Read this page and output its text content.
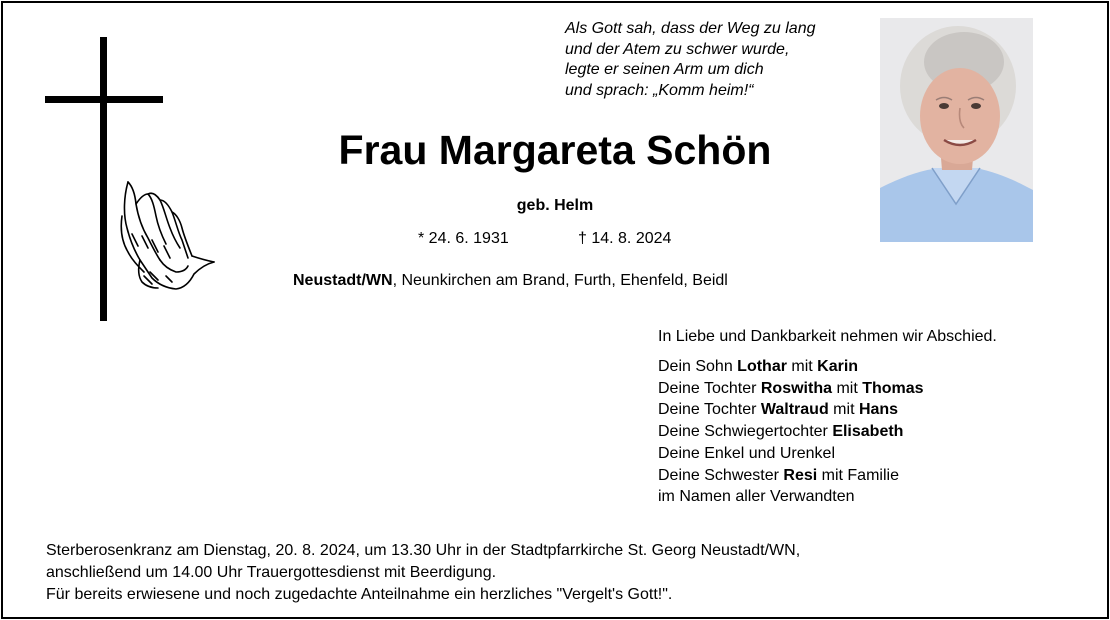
Als Gott sah, dass der Weg zu lang
und der Atem zu schwer wurde,
legte er seinen Arm um dich
und sprach: „Komm heim!“
Frau Margareta Schön
geb. Helm
* 24. 6. 1931	† 14. 8. 2024
Neustadt/WN, Neunkirchen am Brand, Furth, Ehenfeld, Beidl
In Liebe und Dankbarkeit nehmen wir Abschied.
Dein Sohn Lothar mit Karin
Deine Tochter Roswitha mit Thomas
Deine Tochter Waltraud mit Hans
Deine Schwiegertochter Elisabeth
Deine Enkel und Urenkel
Deine Schwester Resi mit Familie
im Namen aller Verwandten
Sterberosenkranz am Dienstag, 20. 8. 2024, um 13.30 Uhr in der Stadtpfarrkirche St. Georg Neustadt/WN,
anschließend um 14.00 Uhr Trauergottesdienst mit Beerdigung.
Für bereits erwiesene und noch zugedachte Anteilnahme ein herzliches "Vergelt's Gott!".
